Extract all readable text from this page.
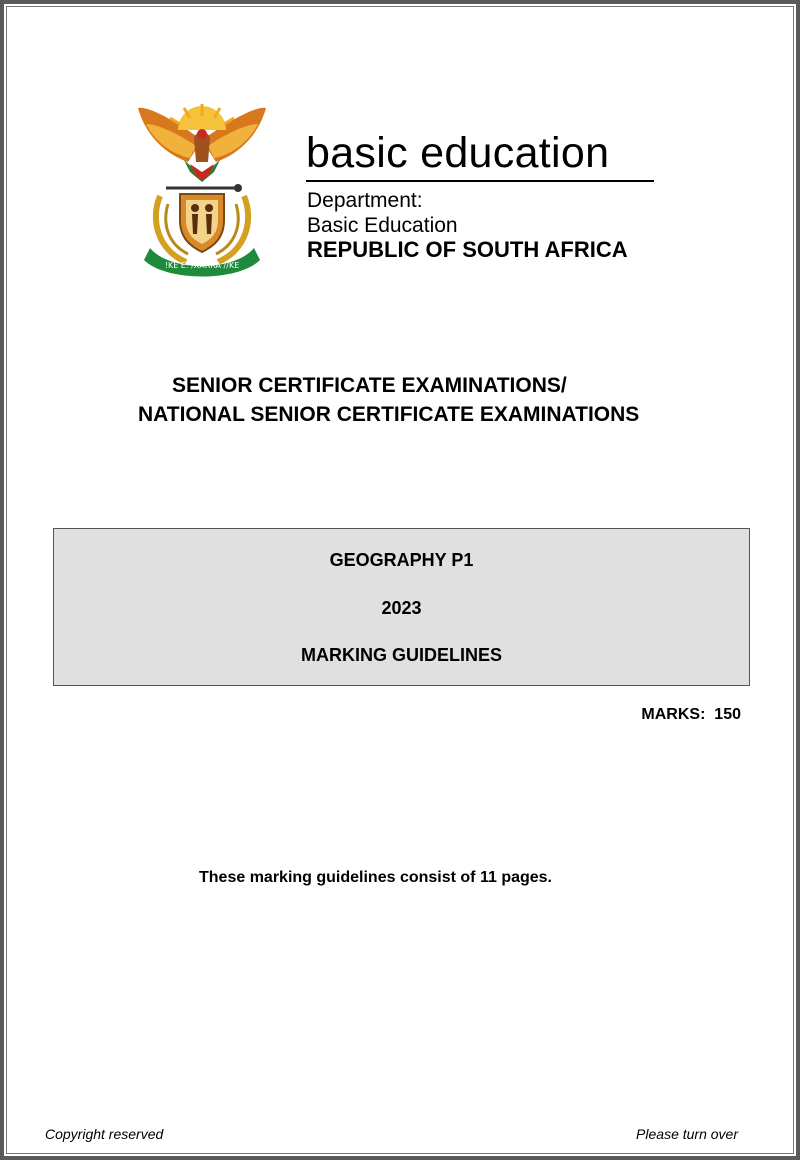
!KE E: /XARRA //KE
basic education
Department:
Basic Education
REPUBLIC OF SOUTH AFRICA
SENIOR CERTIFICATE EXAMINATIONS/
NATIONAL SENIOR CERTIFICATE EXAMINATIONS
GEOGRAPHY P1
2023
MARKING GUIDELINES
MARKS:  150
These marking guidelines consist of 11 pages.
Copyright reserved	Please turn over
